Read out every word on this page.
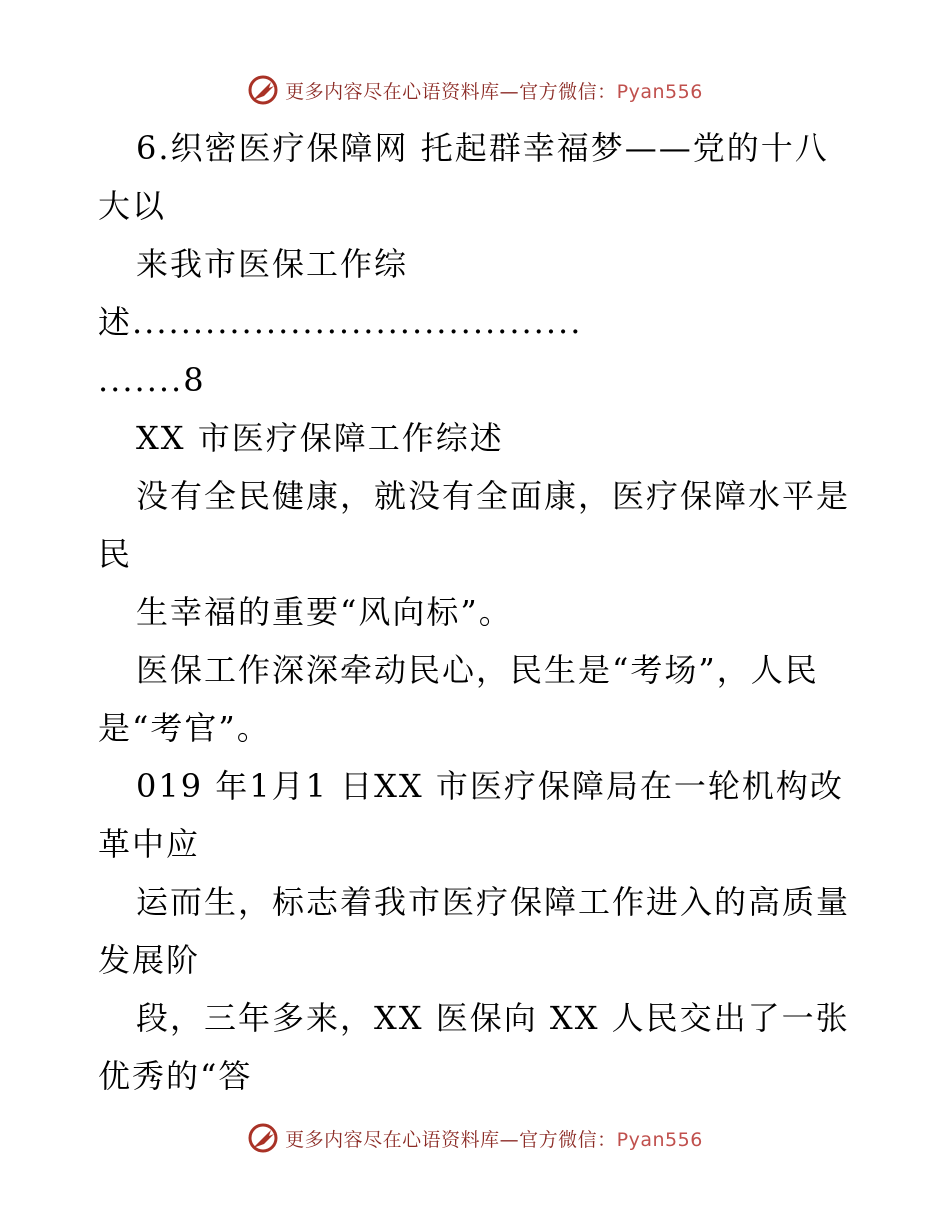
更多内容尽在心语资料库—官方微信：Pyan556
6.织密医疗保障网 托起群幸福梦——党的十八
大以
来我市医保工作综
述.....................................
.......8
XX 市医疗保障工作综述
没有全民健康，就没有全面康，医疗保障水平是
民
生幸福的重要“风向标”。
医保工作深深牵动民心，民生是“考场”，人民
是“考官”。
019 年1月1 日XX 市医疗保障局在一轮机构改
革中应
运而生，标志着我市医疗保障工作进入的高质量
发展阶
段，三年多来，XX 医保向 XX 人民交出了一张
优秀的“答
更多内容尽在心语资料库—官方微信：Pyan556
